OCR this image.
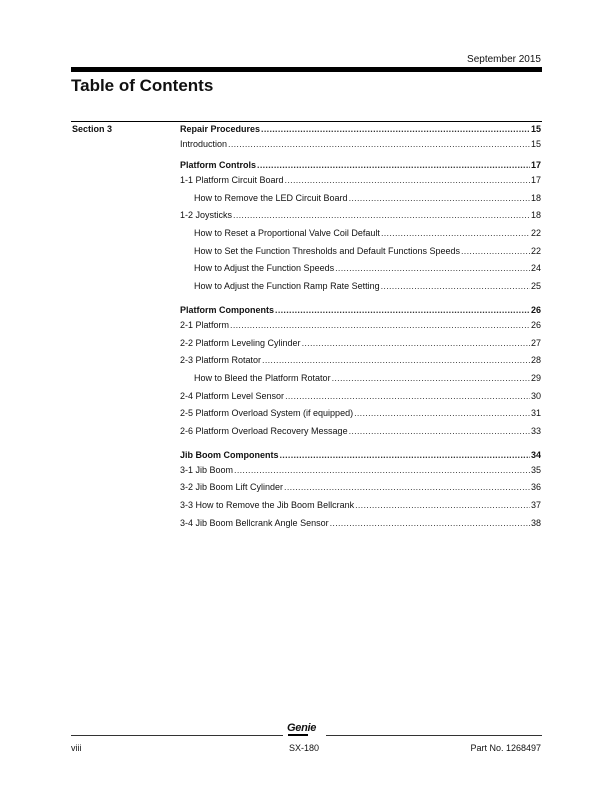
September 2015
Table of Contents
Section 3	Repair Procedures .....	15
Introduction .....	15
Platform Controls .....	17
1-1 Platform Circuit Board .....	17
How to Remove the LED Circuit Board .....	18
1-2 Joysticks .....	18
How to Reset a Proportional Valve Coil Default .....	22
How to Set the Function Thresholds and Default Functions Speeds .....	22
How to Adjust the Function Speeds .....	24
How to Adjust the Function Ramp Rate Setting .....	25
Platform Components .....	26
2-1 Platform .....	26
2-2 Platform Leveling Cylinder .....	27
2-3 Platform Rotator .....	28
How to Bleed the Platform Rotator .....	29
2-4 Platform Level Sensor .....	30
2-5 Platform Overload System (if equipped) .....	31
2-6 Platform Overload Recovery Message .....	33
Jib Boom Components .....	34
3-1 Jib Boom .....	35
3-2 Jib Boom Lift Cylinder .....	36
3-3 How to Remove the Jib Boom Bellcrank .....	37
3-4 Jib Boom Bellcrank Angle Sensor .....	38
Genie
viii	SX-180	Part No. 1268497
